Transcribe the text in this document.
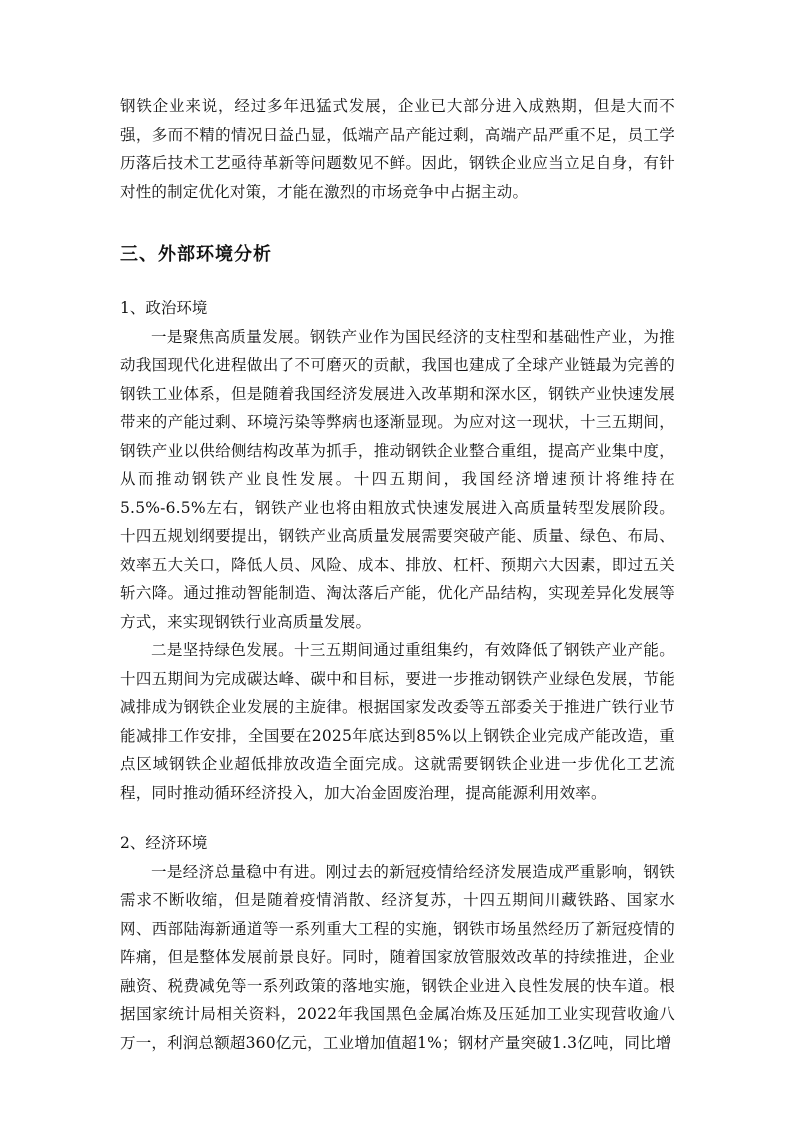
钢铁企业来说，经过多年迅猛式发展，企业已大部分进入成熟期，但是大而不强，多而不精的情况日益凸显，低端产品产能过剩，高端产品严重不足，员工学历落后技术工艺亟待革新等问题数见不鲜。因此，钢铁企业应当立足自身，有针对性的制定优化对策，才能在激烈的市场竞争中占据主动。

三、外部环境分析

1、政治环境

一是聚焦高质量发展。钢铁产业作为国民经济的支柱型和基础性产业，为推动我国现代化进程做出了不可磨灭的贡献，我国也建成了全球产业链最为完善的钢铁工业体系，但是随着我国经济发展进入改革期和深水区，钢铁产业快速发展带来的产能过剩、环境污染等弊病也逐渐显现。为应对这一现状，十三五期间，钢铁产业以供给侧结构改革为抓手，推动钢铁企业整合重组，提高产业集中度，从而推动钢铁产业良性发展。十四五期间，我国经济增速预计将维持在5.5%-6.5%左右，钢铁产业也将由粗放式快速发展进入高质量转型发展阶段。十四五规划纲要提出，钢铁产业高质量发展需要突破产能、质量、绿色、布局、效率五大关口，降低人员、风险、成本、排放、杠杆、预期六大因素，即过五关斩六降。通过推动智能制造、淘汰落后产能，优化产品结构，实现差异化发展等方式，来实现钢铁行业高质量发展。

二是坚持绿色发展。十三五期间通过重组集约，有效降低了钢铁产业产能。十四五期间为完成碳达峰、碳中和目标，要进一步推动钢铁产业绿色发展，节能减排成为钢铁企业发展的主旋律。根据国家发改委等五部委关于推进广铁行业节能减排工作安排，全国要在2025年底达到85%以上钢铁企业完成产能改造，重点区域钢铁企业超低排放改造全面完成。这就需要钢铁企业进一步优化工艺流程，同时推动循环经济投入，加大冶金固废治理，提高能源利用效率。

2、经济环境

一是经济总量稳中有进。刚过去的新冠疫情给经济发展造成严重影响，钢铁需求不断收缩，但是随着疫情消散、经济复苏，十四五期间川藏铁路、国家水网、西部陆海新通道等一系列重大工程的实施，钢铁市场虽然经历了新冠疫情的阵痛，但是整体发展前景良好。同时，随着国家放管服效改革的持续推进，企业融资、税费减免等一系列政策的落地实施，钢铁企业进入良性发展的快车道。根据国家统计局相关资料，2022年我国黑色金属冶炼及压延加工业实现营收逾八万一，利润总额超360亿元，工业增加值超1%；钢材产量突破1.3亿吨，同比增
